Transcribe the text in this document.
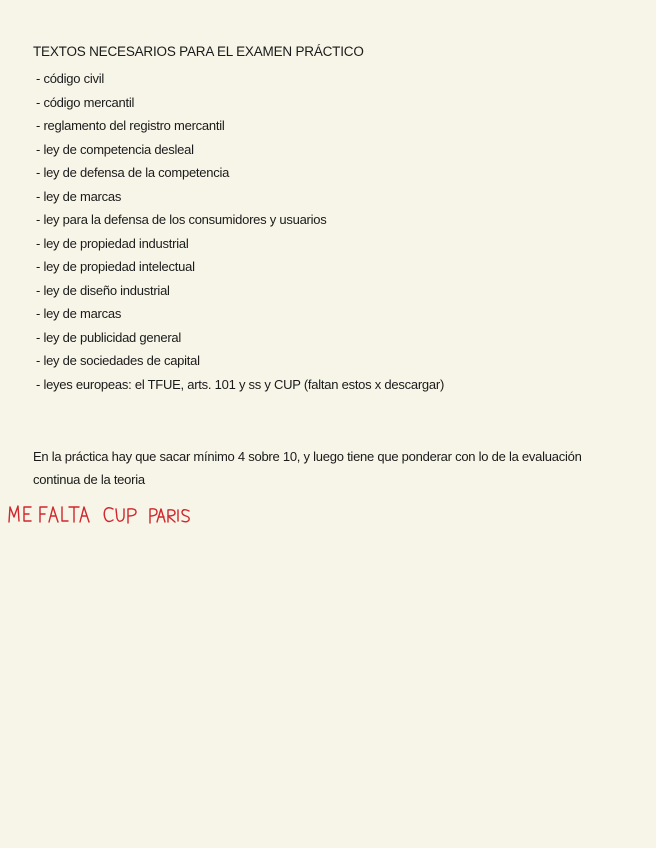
TEXTOS NECESARIOS PARA EL EXAMEN PRÁCTICO
- código civil
- código mercantil
- reglamento del registro mercantil
- ley de competencia desleal
- ley de defensa de la competencia
- ley de marcas
- ley para la defensa de los consumidores y usuarios
- ley de propiedad industrial
- ley de propiedad intelectual
- ley de diseño industrial
- ley de marcas
- ley de publicidad general
- ley de sociedades de capital
- leyes europeas: el TFUE, arts. 101 y ss y CUP (faltan estos x descargar)
En la práctica hay que sacar mínimo 4 sobre 10, y luego tiene que ponderar con lo de la evaluación continua de la teoria
